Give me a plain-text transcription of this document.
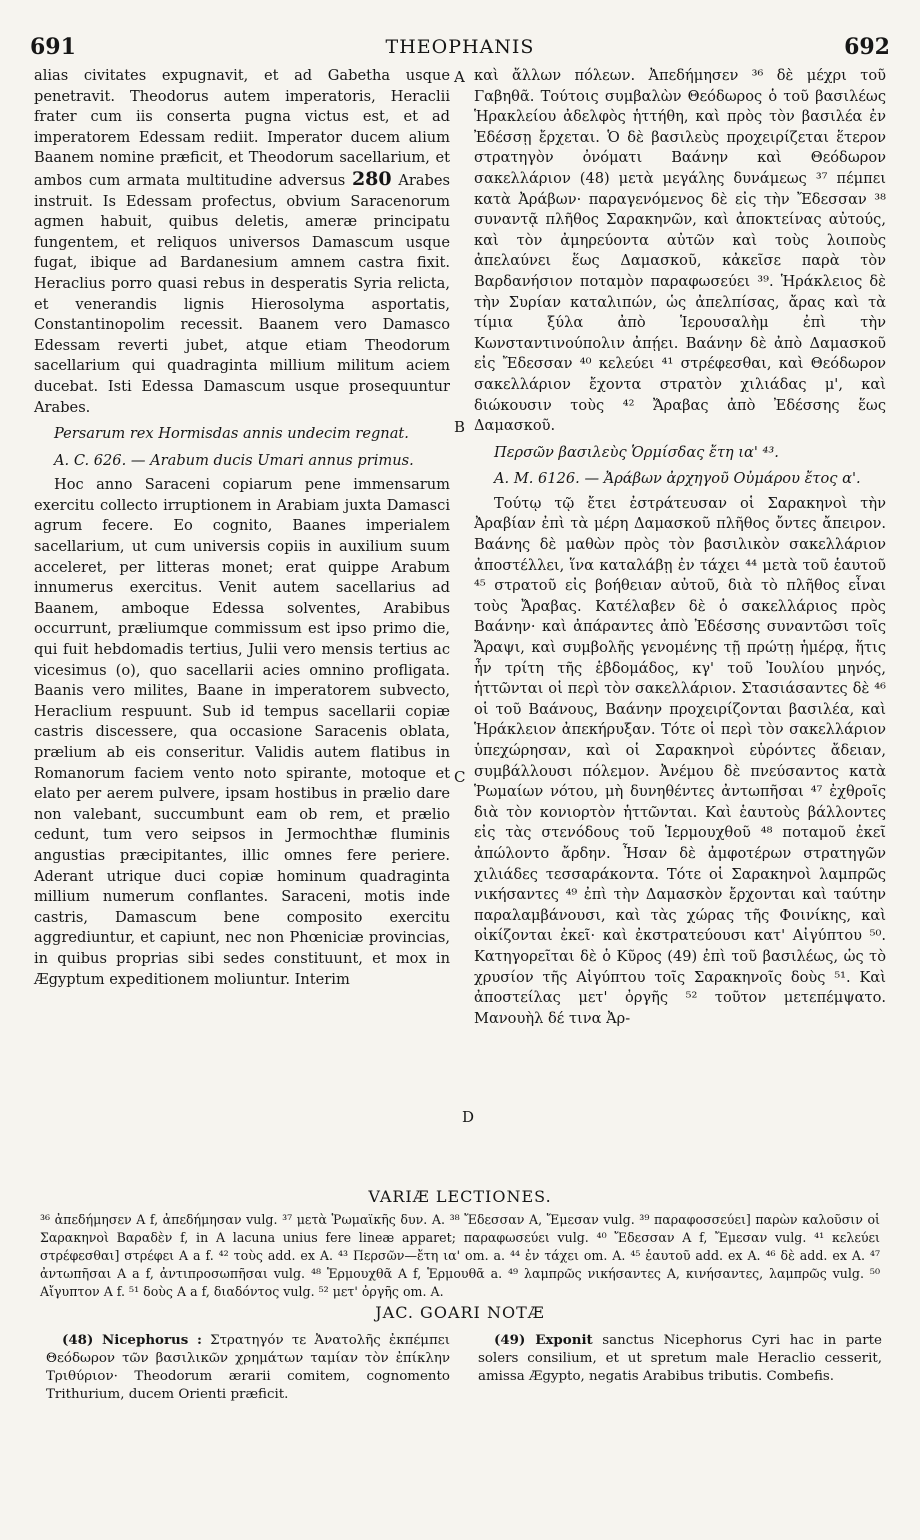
691	THEOPHANIS	692

alias civitates expugnavit, et ad Gabetha usque penetravit. Theodorus autem imperatoris, Heraclii frater cum iis conserta pugna victus est, et ad imperatorem Edessam rediit. Imperator ducem alium Baanem nomine præficit, et Theodorum sacellarium, et ambos cum armata multitudine adversus 280 Arabes instruit. Is Edessam profectus, obvium Saracenorum agmen habuit, quibus deletis, ameræ principatu fungentem, et reliquos universos Damascum usque fugat, ibique ad Bardanesium amnem castra fixit. Heraclius porro quasi rebus in desperatis Syria relicta, et venerandis lignis Hierosolyma asportatis, Constantinopolim recessit. Baanem vero Damasco Edessam reverti jubet, atque etiam Theodorum sacellarium qui quadraginta millium militum aciem ducebat. Isti Edessa Damascum usque prosequuntur Arabes.

Persarum rex Hormisdas annis undecim regnat.

A. C. 626. — Arabum ducis Umari annus primus.

Hoc anno Saraceni copiarum pene immensarum exercitu collecto irruptionem in Arabiam juxta Damasci agrum fecere. Eo cognito, Baanes imperialem sacellarium, ut cum universis copiis in auxilium suum acceleret, per litteras monet; erat quippe Arabum innumerus exercitus. Venit autem sacellarius ad Baanem, amboque Edessa solventes, Arabibus occurrunt, præliumque commissum est ipso primo die, qui fuit hebdomadis tertius, Julii vero mensis tertius ac vicesimus (o), quo sacellarii acies omnino profligata. Baanis vero milites, Baane in imperatorem subvecto, Heraclium respuunt. Sub id tempus sacellarii copiæ castris discessere, qua occasione Saracenis oblata, prælium ab eis conseritur. Validis autem flatibus in Romanorum faciem vento noto spirante, motoque et elato per aerem pulvere, ipsam hostibus in prælio dare non valebant, succumbunt eam ob rem, et prælio cedunt, tum vero seipsos in Jermochthæ fluminis angustias præcipitantes, illic omnes fere periere. Aderant utrique duci copiæ hominum quadraginta millium numerum conflantes. Saraceni, motis inde castris, Damascum bene composito exercitu aggrediuntur, et capiunt, nec non Phœniciæ provincias, in quibus proprias sibi sedes constituunt, et mox in Ægyptum expeditionem moliuntur. Interim

A
B
C
D

καὶ ἄλλων πόλεων. Ἀπεδήμησεν ³⁶ δὲ μέχρι τοῦ Γαβηθᾶ. Τούτοις συμβαλὼν Θεόδωρος ὁ τοῦ βασιλέως Ἡρακλείου ἀδελφὸς ἡττήθη, καὶ πρὸς τὸν βασιλέα ἐν Ἐδέσσῃ ἔρχεται. Ὁ δὲ βασιλεὺς προχειρίζεται ἕτερον στρατηγὸν ὀνόματι Βαάνην καὶ Θεόδωρον σακελλάριον (48) μετὰ μεγάλης δυνάμεως ³⁷ πέμπει κατὰ Ἀράβων· παραγενόμενος δὲ εἰς τὴν Ἔδεσσαν ³⁸ συναντᾷ πλῆθος Σαρακηνῶν, καὶ ἀποκτείνας αὐτούς, καὶ τὸν ἀμηρεύοντα αὐτῶν καὶ τοὺς λοιποὺς ἀπελαύνει ἕως Δαμασκοῦ, κἀκεῖσε παρὰ τὸν Βαρδανήσιον ποταμὸν παραφωσεύει ³⁹. Ἡράκλειος δὲ τὴν Συρίαν καταλιπών, ὡς ἀπελπίσας, ἄρας καὶ τὰ τίμια ξύλα ἀπὸ Ἱερουσαλὴμ ἐπὶ τὴν Κωνσταντινούπολιν ἀπῄει. Βαάνην δὲ ἀπὸ Δαμασκοῦ εἰς Ἔδεσσαν ⁴⁰ κελεύει ⁴¹ στρέφεσθαι, καὶ Θεόδωρον σακελλάριον ἔχοντα στρατὸν χιλιάδας μ', καὶ διώκουσιν τοὺς ⁴² Ἄραβας ἀπὸ Ἐδέσσης ἕως Δαμασκοῦ.

Περσῶν βασιλεὺς Ὁρμίσδας ἔτη ια' ⁴³.

A. M. 6126. — Ἀράβων ἀρχηγοῦ Οὐμάρου ἔτος α'.

Τούτῳ τῷ ἔτει ἐστράτευσαν οἱ Σαρακηνοὶ τὴν Ἀραβίαν ἐπὶ τὰ μέρη Δαμασκοῦ πλῆθος ὄντες ἄπειρον. Βαάνης δὲ μαθὼν πρὸς τὸν βασιλικὸν σακελλάριον ἀποστέλλει, ἵνα καταλάβῃ ἐν τάχει ⁴⁴ μετὰ τοῦ ἑαυτοῦ ⁴⁵ στρατοῦ εἰς βοήθειαν αὐτοῦ, διὰ τὸ πλῆθος εἶναι τοὺς Ἄραβας. Κατέλαβεν δὲ ὁ σακελλάριος πρὸς Βαάνην· καὶ ἀπάραντες ἀπὸ Ἐδέσσης συναντῶσι τοῖς Ἄραψι, καὶ συμβολῆς γενομένης τῇ πρώτῃ ἡμέρᾳ, ἥτις ἦν τρίτη τῆς ἑβδομάδος, κγ' τοῦ Ἰουλίου μηνός, ἡττῶνται οἱ περὶ τὸν σακελλάριον. Στασιάσαντες δὲ ⁴⁶ οἱ τοῦ Βαάνους, Βαάνην προχειρίζονται βασιλέα, καὶ Ἡράκλειον ἀπεκήρυξαν. Τότε οἱ περὶ τὸν σακελλάριον ὑπεχώρησαν, καὶ οἱ Σαρακηνοὶ εὑρόντες ἄδειαν, συμβάλλουσι πόλεμον. Ἀνέμου δὲ πνεύσαντος κατὰ Ῥωμαίων νότου, μὴ δυνηθέντες ἀντωπῆσαι ⁴⁷ ἐχθροῖς διὰ τὸν κονιορτὸν ἡττῶνται. Καὶ ἑαυτοὺς βάλλοντες εἰς τὰς στενόδους τοῦ Ἱερμουχθοῦ ⁴⁸ ποταμοῦ ἐκεῖ ἀπώλοντο ἄρδην. Ἦσαν δὲ ἀμφοτέρων στρατηγῶν χιλιάδες τεσσαράκοντα. Τότε οἱ Σαρακηνοὶ λαμπρῶς νικήσαντες ⁴⁹ ἐπὶ τὴν Δαμασκὸν ἔρχονται καὶ ταύτην παραλαμβάνουσι, καὶ τὰς χώρας τῆς Φοινίκης, καὶ οἰκίζονται ἐκεῖ· καὶ ἐκστρατεύουσι κατ' Αἰγύπτου ⁵⁰. Κατηγορεῖται δὲ ὁ Κῦρος (49) ἐπὶ τοῦ βασιλέως, ὡς τὸ χρυσίον τῆς Αἰγύπτου τοῖς Σαρακηνοῖς δοὺς ⁵¹. Καὶ ἀποστείλας μετ' ὀργῆς ⁵² τοῦτον μετεπέμψατο. Μανουὴλ δέ τινα Ἀρ-

VARIÆ LECTIONES.

³⁶ ἀπεδήμησεν A f, ἀπεδήμησαν vulg. ³⁷ μετὰ Ῥωμαϊκῆς δυν. A. ³⁸ Ἔδεσσαν A, Ἔμεσαν vulg. ³⁹ παραφοσσεύει] παρὼν καλοῦσιν οἱ Σαρακηνοὶ Βαραδὲν f, in A lacuna unius fere lineæ apparet; παραφωσεύει vulg. ⁴⁰ Ἔδεσσαν A f, Ἔμεσαν vulg. ⁴¹ κελεύει στρέφεσθαι] στρέφει A a f. ⁴² τοὺς add. ex A. ⁴³ Περσῶν—ἔτη ια' om. a. ⁴⁴ ἐν τάχει om. A. ⁴⁵ ἑαυτοῦ add. ex A. ⁴⁶ δὲ add. ex A. ⁴⁷ ἀντωπῆσαι A a f, ἀντιπροσωπῆσαι vulg. ⁴⁸ Ἑρμουχθᾶ A f, Ἑρμουθᾶ a. ⁴⁹ λαμπρῶς νικήσαντες A, κινήσαντες, λαμπρῶς vulg. ⁵⁰ Αἴγυπτον A f. ⁵¹ δοὺς A a f, διαδόντος vulg. ⁵² μετ' ὀργῆς om. A.

JAC. GOARI NOTÆ

(48) Nicephorus : Στρατηγόν τε Ἀνατολῆς ἐκπέμπει Θεόδωρον τῶν βασιλικῶν χρημάτων ταμίαν τὸν ἐπίκλην Τριθύριον· Theodorum ærarii comitem, cognomento Trithurium, ducem Orienti præficit.

(49) Exponit sanctus Nicephorus Cyri hac in parte solers consilium, et ut spretum male Heraclio cesserit, amissa Ægypto, negatis Arabibus tributis. Combefis.
